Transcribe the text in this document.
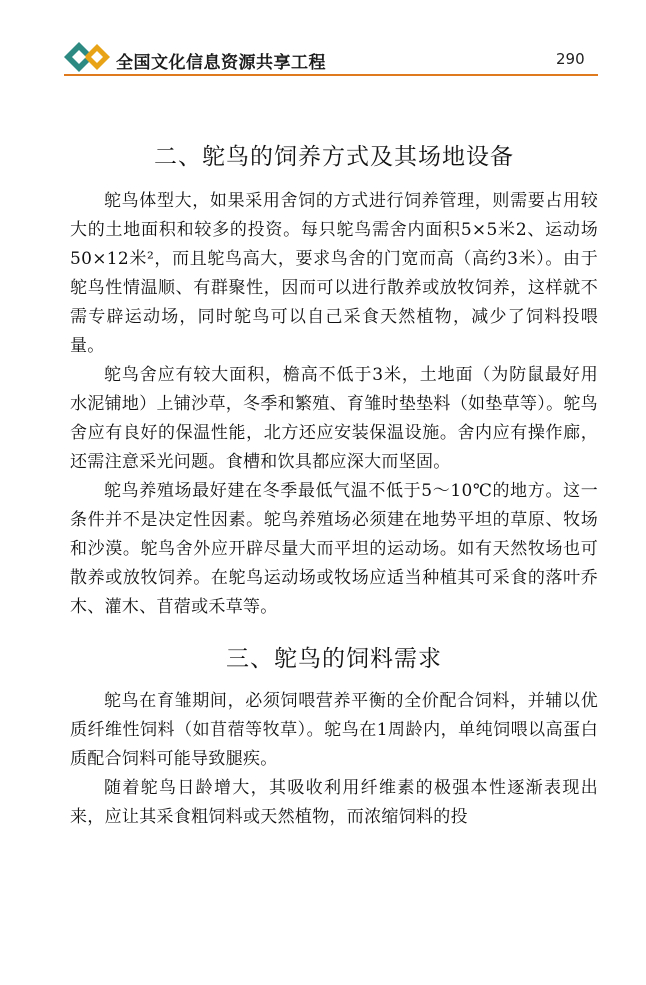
全国文化信息资源共享工程	290
二、鸵鸟的饲养方式及其场地设备

鸵鸟体型大，如果采用舍饲的方式进行饲养管理，则需要占用较大的土地面积和较多的投资。每只鸵鸟需舍内面积5×5米2、运动场50×12米²，而且鸵鸟高大，要求鸟舍的门宽而高（高约3米）。由于鸵鸟性情温顺、有群聚性，因而可以进行散养或放牧饲养，这样就不需专辟运动场，同时鸵鸟可以自己采食天然植物，减少了饲料投喂量。

鸵鸟舍应有较大面积，檐高不低于3米，土地面（为防鼠最好用水泥铺地）上铺沙草，冬季和繁殖、育雏时垫垫料（如垫草等）。鸵鸟舍应有良好的保温性能，北方还应安装保温设施。舍内应有操作廊，还需注意采光问题。食槽和饮具都应深大而坚固。

鸵鸟养殖场最好建在冬季最低气温不低于5～10℃的地方。这一条件并不是决定性因素。鸵鸟养殖场必须建在地势平坦的草原、牧场和沙漠。鸵鸟舍外应开辟尽量大而平坦的运动场。如有天然牧场也可散养或放牧饲养。在鸵鸟运动场或牧场应适当种植其可采食的落叶乔木、灌木、苜蓿或禾草等。

三、鸵鸟的饲料需求

鸵鸟在育雏期间，必须饲喂营养平衡的全价配合饲料，并辅以优质纤维性饲料（如苜蓿等牧草）。鸵鸟在1周龄内，单纯饲喂以高蛋白质配合饲料可能导致腿疾。

随着鸵鸟日龄增大，其吸收利用纤维素的极强本性逐渐表现出来，应让其采食粗饲料或天然植物，而浓缩饲料的投
